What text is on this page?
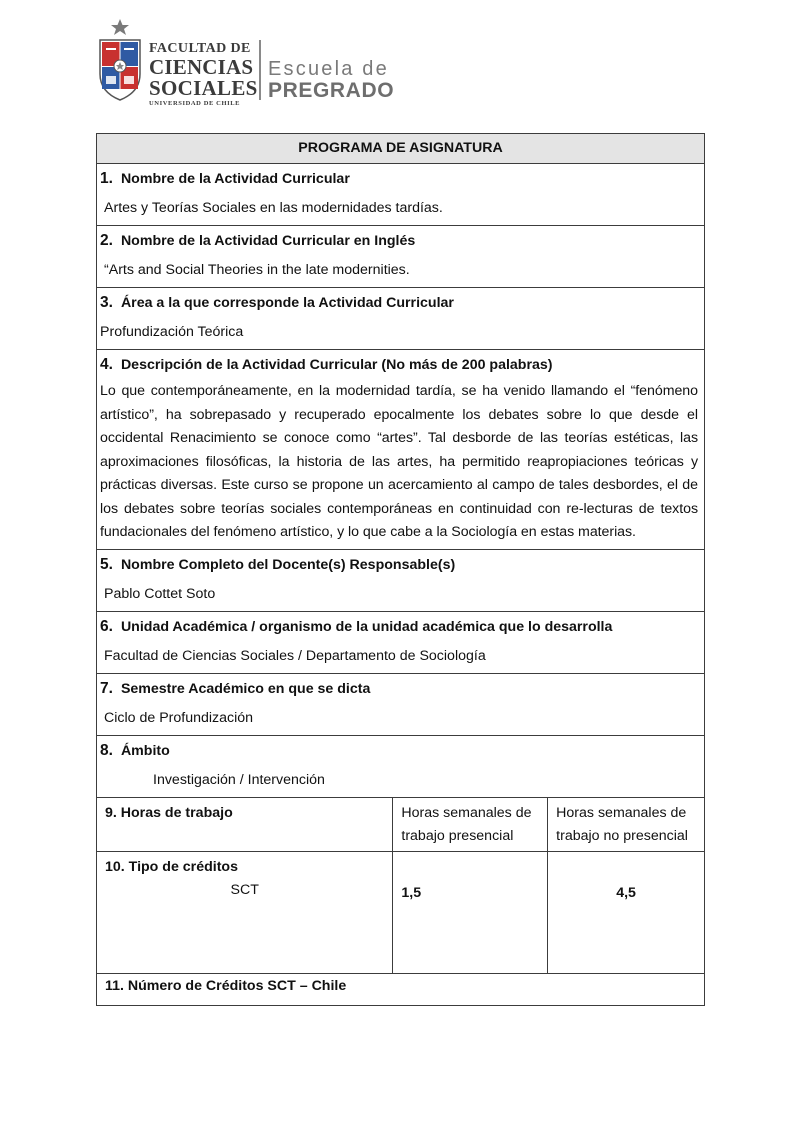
FACULTAD DE
CIENCIAS
SOCIALES
UNIVERSIDAD DE CHILE
Escuela de
PREGRADO
PROGRAMA DE ASIGNATURA		

1. Nombre de la Actividad Curricular
Artes y Teorías Sociales en las modernidades tardías.		

2. Nombre de la Actividad Curricular en Inglés
“Arts and Social Theories in the late modernities.		

3. Área a la que corresponde la Actividad Curricular
Profundización Teórica		

4. Descripción de la Actividad Curricular (No más de 200 palabras)
Lo que contemporáneamente, en la modernidad tardía, se ha venido llamando el “fenómeno artístico”, ha sobrepasado y recuperado epocalmente los debates sobre lo que desde el occidental Renacimiento se conoce como “artes”. Tal desborde de las teorías estéticas, las aproximaciones filosóficas, la historia de las artes, ha permitido reapropiaciones teóricas y prácticas diversas. Este curso se propone un acercamiento al campo de tales desbordes, el de los debates sobre teorías sociales contemporáneas en continuidad con re-lecturas de textos fundacionales del fenómeno artístico, y lo que cabe a la Sociología en estas materias.		

5. Nombre Completo del Docente(s) Responsable(s)
Pablo Cottet Soto		

6. Unidad Académica / organismo de la unidad académica que lo desarrolla
Facultad de Ciencias Sociales / Departamento de Sociología		

7. Semestre Académico en que se dicta
Ciclo de Profundización		

8. Ámbito
Investigación / Intervención		

9. Horas de trabajo	Horas semanales de trabajo presencial	Horas semanales de trabajo no presencial

10. Tipo de créditos
SCT	1,5	4,5

11. Número de Créditos SCT – Chile		
